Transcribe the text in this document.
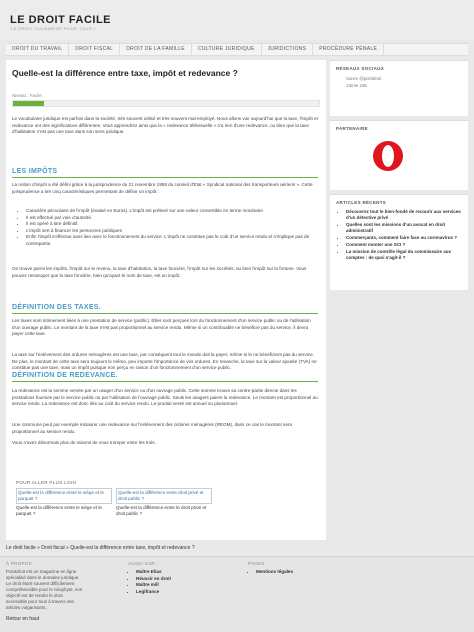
LE DROIT FACILE
LE DROIT VULGARISE POUR TOUS !
DROIT DU TRAVAIL	DROIT FISCAL	DROIT DE LA FAMILLE	CULTURE JURIDIQUE	JURIDICTIONS	PROCÉDURE PÉNALE
Quelle-est la différence entre taxe, impôt et redevance ?
Niveau : Facile
Le vocabulaire juridique est parfois dans la société, très souvent utilisé et très souvent mal-employé. Nous allons voir aujourd'hui que la taxe, l'impôt et redevance ont des significations différentes. Vous apprendrez ainsi que la « redevance télévisuelle » n'a rien d'une redevance, ou bien que la taxe d'habitation n'est pas une taxe dans son sens juridique.
LES IMPÔTS
La notion d'impôt a été défini grâce à la jurisprudence du 21 novembre 1958 du conseil d'Etat « Syndicat national des transporteurs aériens ». Cette jurisprudence a tiré cinq caractéristiques permettant de définir un impôt :
• Caractère pécuniaire de l'impôt (évalué en Euros). L'impôt est prélevé sur une valeur convertible en terme monétaire
• Il est effectué par voie d'autorité.
• Il est opéré à titre définitif.
• L'impôt sert à financer les personnes publiques
• Enfin l'impôt s'effectue sans lien avec le fonctionnement du service. L'impôt ne constitue pas le coût d'un service rendu et n'implique pas de contrepartie.
On trouve parmi les impôts, l'impôt sur le revenu, la taxe d'habitation, la taxe foncière, l'impôt sur les sociétés, ou bien l'impôt sur la fortune. Vous pouvez remarquer que la taxe foncière, bien qu'ayant le nom de taxe, est un impôt.
DÉFINITION DES TAXES.
Les taxes sont intimement liées à une prestation de service (public). Elles sont perçues lors du fonctionnement d'un service public ou de l'utilisation d'un ouvrage public. Le montant de la taxe n'est pas proportionnel au service rendu. Même si un contribuable ne bénéficie pas du service, il devra payer cette taxe.
La taxe sur l'enlèvement des ordures ménagères est une taxe, par conséquent tout le monde doit la payer, même si le ne bénéficient pas du service. De plus, le montant de cette taxe sera toujours le même, peu importe l'importance de vos ordures. En revanche, la taxe sur la valeur ajoutée (TVA) ne constitue pas une taxe, mais un impôt puisque non perçu en raison d'un fonctionnement d'un service public.
DÉFINITION DE REDEVANCE.
La redevance est la somme versée par un usager d'un service ou d'un ouvrage public. Cette somme trouve sa contre-partie directe dans les prestations fournies par le service public ou par l'utilisation de l'ouvrage public. Seuls les usagers paient la redevance. Le montant est proportionnel au service rendu. La redevance est donc liée au coût du service rendu. Le produit versé est annuel ou pluriannuel.
Une commune peut par exemple instaurer une redevance sur l'enlèvement des ordures ménagères (REOM), dans ce cas le montant sera proportionnel au service rendu.
Vous n'avez désormais plus de raisons de vous tromper entre les trois.
POUR ALLER PLUS LOIN
Quelle-est la différence entre le siège et le parquet ?
Quelle-est la différence entre le siège et le parquet ?
Quelle-est la différence entre droit privé et droit public ?
Quelle-est la différence entre le droit privé et droit public ?
Le droit facile » Droit fiscal » Quelle-est la différence entre taxe, impôt et redevance ?
RÉSEAUX SOCIAUX
Suivre @pointdroit
J'aime 248
PARTENAIRE
ARTICLES RÉCENTS
• Découvrez tout le bien-fondé de recourir aux services d'un détective privé
• Quelles sont les missions d'un avocat en droit administratif
• Commerçants, comment faire face au coronavirus ?
• Comment monter une SCI ?
• La mission de contrôle légal du commissaire aux comptes : de quoi s'agit-il ?
À PROPOS
Pointdroit est un magazine en ligne spécialisé dans le domaine juridique. Le droit étant souvent difficilement compréhensible pour le néophyte, son objectif est de rendre le droit accessible pour tous à travers des articles vulgarisants.
AUSSI SUR :
• Maître Elias
• Réussir en droit
• Maître mill
• Legifrance
PAGES
• Mentions légales
Retour en haut
